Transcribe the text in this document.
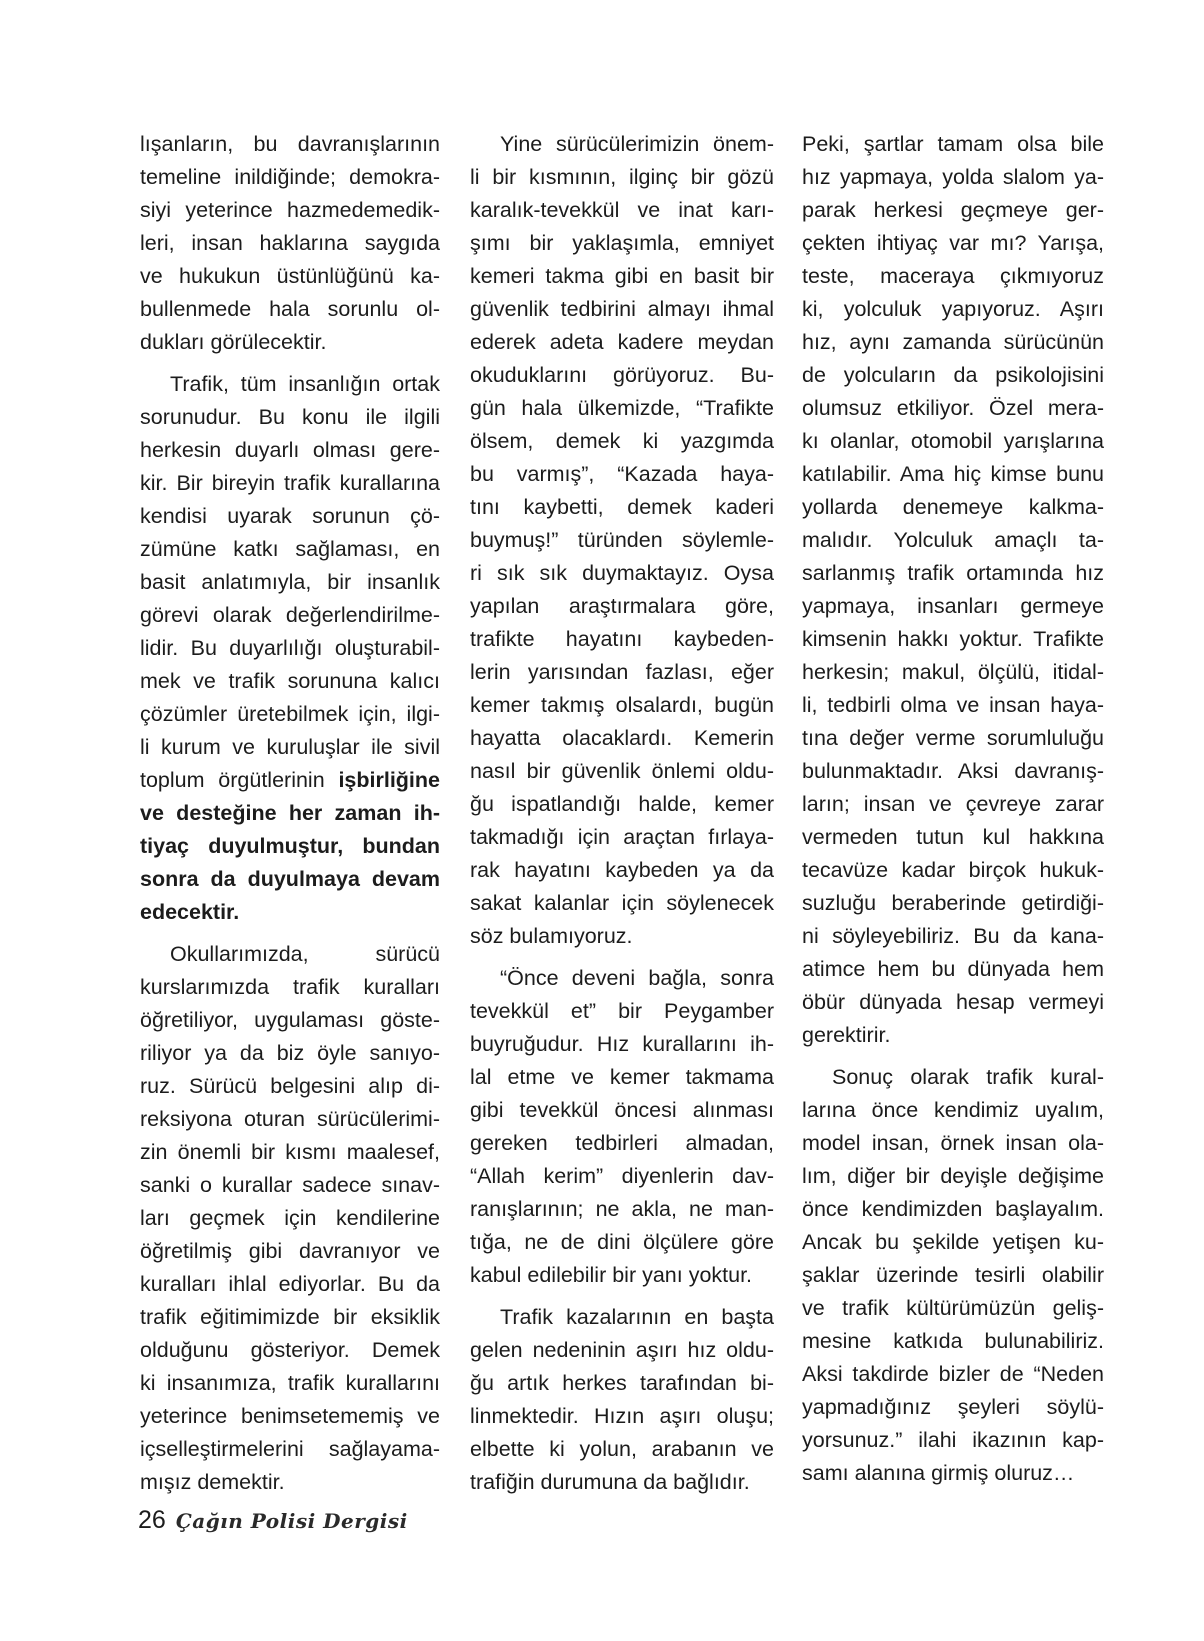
lışanların, bu davranışlarının

temeline inildiğinde; demokra-

siyi yeterince hazmedemedik-

leri, insan haklarına saygıda

ve hukukun üstünlüğünü ka-

bullenmede hala sorunlu ol-

dukları görülecektir.

Trafik, tüm insanlığın ortak

sorunudur. Bu konu ile ilgili

herkesin duyarlı olması gere-

kir. Bir bireyin trafik kurallarına

kendisi uyarak sorunun çö-

zümüne katkı sağlaması, en

basit anlatımıyla, bir insanlık

görevi olarak değerlendirilme-

lidir. Bu duyarlılığı oluşturabil-

mek ve trafik sorununa kalıcı

çözümler üretebilmek için, ilgi-

li kurum ve kuruluşlar ile sivil

toplum örgütlerinin işbirliğine

ve desteğine her zaman ih-

tiyaç duyulmuştur, bundan

sonra da duyulmaya devam

edecektir.

Okullarımızda, sürücü

kurslarımızda trafik kuralları

öğretiliyor, uygulaması göste-

riliyor ya da biz öyle sanıyo-

ruz. Sürücü belgesini alıp di-

reksiyona oturan sürücülerimi-

zin önemli bir kısmı maalesef,

sanki o kurallar sadece sınav-

ları geçmek için kendilerine

öğretilmiş gibi davranıyor ve

kuralları ihlal ediyorlar. Bu da

trafik eğitimimizde bir eksiklik

olduğunu gösteriyor. Demek

ki insanımıza, trafik kurallarını

yeterince benimsetememiş ve

içselleştirmelerini sağlayama-

mışız demektir.

Yine sürücülerimizin önem-

li bir kısmının, ilginç bir gözü

karalık-tevekkül ve inat karı-

şımı bir yaklaşımla, emniyet

kemeri takma gibi en basit bir

güvenlik tedbirini almayı ihmal

ederek adeta kadere meydan

okuduklarını görüyoruz. Bu-

gün hala ülkemizde, “Trafikte

ölsem, demek ki yazgımda

bu varmış”, “Kazada haya-

tını kaybetti, demek kaderi

buymuş!” türünden söylemle-

ri sık sık duymaktayız. Oysa

yapılan araştırmalara göre,

trafikte hayatını kaybeden-

lerin yarısından fazlası, eğer

kemer takmış olsalardı, bugün

hayatta olacaklardı. Kemerin

nasıl bir güvenlik önlemi oldu-

ğu ispatlandığı halde, kemer

takmadığı için araçtan fırlaya-

rak hayatını kaybeden ya da

sakat kalanlar için söylenecek

söz bulamıyoruz.

“Önce deveni bağla, sonra

tevekkül et” bir Peygamber

buyruğudur. Hız kurallarını ih-

lal etme ve kemer takmama

gibi tevekkül öncesi alınması

gereken tedbirleri almadan,

“Allah kerim” diyenlerin dav-

ranışlarının; ne akla, ne man-

tığa, ne de dini ölçülere göre

kabul edilebilir bir yanı yoktur.

Trafik kazalarının en başta

gelen nedeninin aşırı hız oldu-

ğu artık herkes tarafından bi-

linmektedir. Hızın aşırı oluşu;

elbette ki yolun, arabanın ve

trafiğin durumuna da bağlıdır.

Peki, şartlar tamam olsa bile

hız yapmaya, yolda slalom ya-

parak herkesi geçmeye ger-

çekten ihtiyaç var mı? Yarışa,

teste, maceraya çıkmıyoruz

ki, yolculuk yapıyoruz. Aşırı

hız, aynı zamanda sürücünün

de yolcuların da psikolojisini

olumsuz etkiliyor. Özel mera-

kı olanlar, otomobil yarışlarına

katılabilir. Ama hiç kimse bunu

yollarda denemeye kalkma-

malıdır. Yolculuk amaçlı ta-

sarlanmış trafik ortamında hız

yapmaya, insanları germeye

kimsenin hakkı yoktur. Trafikte

herkesin; makul, ölçülü, itidal-

li, tedbirli olma ve insan haya-

tına değer verme sorumluluğu

bulunmaktadır. Aksi davranış-

ların; insan ve çevreye zarar

vermeden tutun kul hakkına

tecavüze kadar birçok hukuk-

suzluğu beraberinde getirdiği-

ni söyleyebiliriz. Bu da kana-

atimce hem bu dünyada hem

öbür dünyada hesap vermeyi

gerektirir.

Sonuç olarak trafik kural-

larına önce kendimiz uyalım,

model insan, örnek insan ola-

lım, diğer bir deyişle değişime

önce kendimizden başlayalım.

Ancak bu şekilde yetişen ku-

şaklar üzerinde tesirli olabilir

ve trafik kültürümüzün geliş-

mesine katkıda bulunabiliriz.

Aksi takdirde bizler de “Neden

yapmadığınız şeyleri söylü-

yorsunuz.” ilahi ikazının kap-

samı alanına girmiş oluruz…

26 Çağın Polisi Dergisi
